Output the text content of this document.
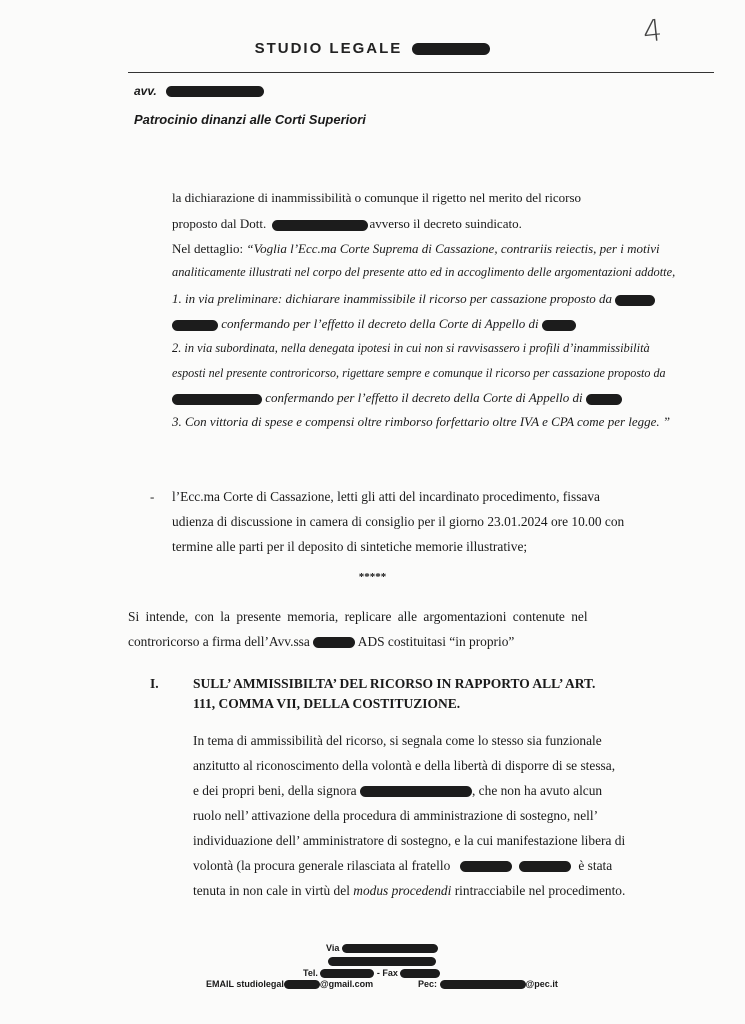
STUDIO LEGALE	4
avv.
Patrocinio dinanzi alle Corti Superiori
la dichiarazione di inammissibilità o comunque il rigetto nel merito del ricorso
proposto dal Dott.	avverso il decreto suindicato.
Nel dettaglio: “Voglia l’Ecc.ma Corte Suprema di Cassazione, contrariis reiectis, per i motivi
analiticamente illustrati nel corpo del presente atto ed in accoglimento delle argomentazioni addotte,
1. in via preliminare: dichiarare inammissibile il ricorso per cassazione proposto da
confermando per l’effetto il decreto della Corte di Appello di
2. in via subordinata, nella denegata ipotesi in cui non si ravvisassero i profili d’inammissibilità
esposti nel presente controricorso, rigettare sempre e comunque il ricorso per cassazione proposto da
confermando per l’effetto il decreto della Corte di Appello di
3. Con vittoria di spese e compensi oltre rimborso forfettario oltre IVA e CPA come per legge. ”
- l’Ecc.ma Corte di Cassazione, letti gli atti del incardinato procedimento, fissava
udienza di discussione in camera di consiglio per il giorno 23.01.2024 ore 10.00 con
termine alle parti per il deposito di sintetiche memorie illustrative;
*****
Si intende, con la presente memoria, replicare alle argomentazioni contenute nel
controricorso a firma dell’Avv.ssa	ADS costituitasi “in proprio”
I.	SULL’ AMMISSIBILTA’ DEL RICORSO IN RAPPORTO ALL’ ART.
111, COMMA VII, DELLA COSTITUZIONE.
In tema di ammissibilità del ricorso, si segnala come lo stesso sia funzionale
anzitutto al riconoscimento della volontà e della libertà di disporre di se stessa,
e dei propri beni, della signora	, che non ha avuto alcun
ruolo nell’ attivazione della procedura di amministrazione di sostegno, nell’
individuazione dell’ amministratore di sostegno, e la cui manifestazione libera di
volontà (la procura generale rilasciata al fratello	è stata
tenuta in non cale in virtù del modus procedendi rintracciabile nel procedimento.
Via
Tel.	- Fax
EMAIL studiolegal	@gmail.com	Pec:	@pec.it
